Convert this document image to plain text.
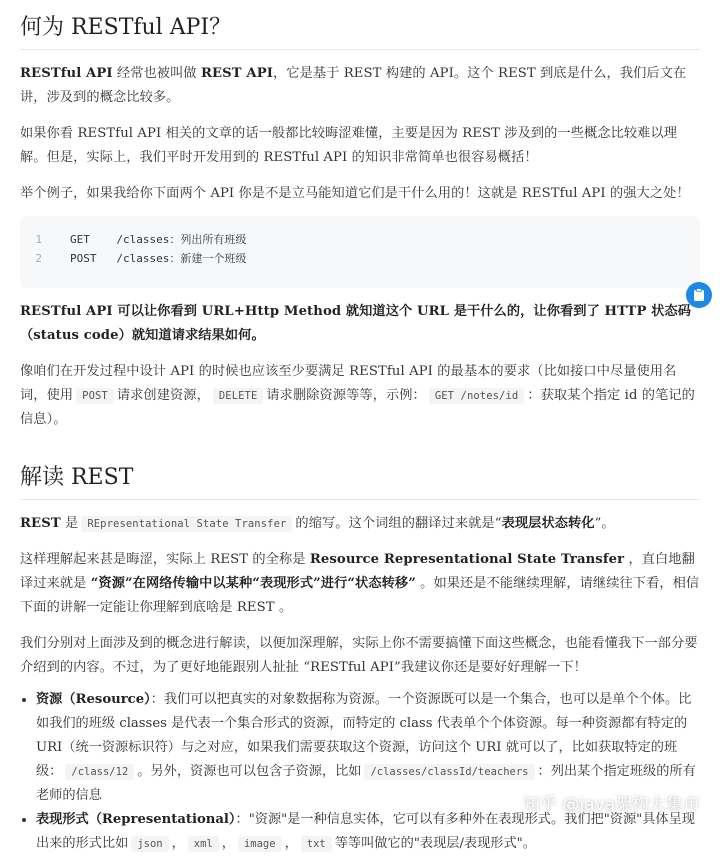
何为 RESTful API？

RESTful API 经常也被叫做 REST API，它是基于 REST 构建的 API。这个 REST 到底是什么，我们后文在讲，涉及到的概念比较多。

如果你看 RESTful API 相关的文章的话一般都比较晦涩难懂，主要是因为 REST 涉及到的一些概念比较难以理解。但是，实际上，我们平时开发用到的 RESTful API 的知识非常简单也很容易概括！

举个例子，如果我给你下面两个 API 你是不是立马能知道它们是干什么用的！这就是 RESTful API 的强大之处！

1	GET    /classes：列出所有班级
2	POST   /classes：新建一个班级

RESTful API 可以让你看到 URL+Http Method 就知道这个 URL 是干什么的，让你看到了 HTTP 状态码（status code）就知道请求结果如何。

像咱们在开发过程中设计 API 的时候也应该至少要满足 RESTful API 的最基本的要求（比如接口中尽量使用名词，使用 POST 请求创建资源， DELETE 请求删除资源等等，示例： GET /notes/id ：获取某个指定 id 的笔记的信息）。

解读 REST

REST 是 REpresentational State Transfer 的缩写。这个词组的翻译过来就是“表现层状态转化”。

这样理解起来甚是晦涩，实际上 REST 的全称是 Resource Representational State Transfer ，直白地翻译过来就是 “资源”在网络传输中以某种“表现形式”进行“状态转移” 。如果还是不能继续理解，请继续往下看，相信下面的讲解一定能让你理解到底啥是 REST 。

我们分别对上面涉及到的概念进行解读，以便加深理解，实际上你不需要搞懂下面这些概念，也能看懂我下一部分要介绍到的内容。不过，为了更好地能跟别人扯扯 “RESTful API”我建议你还是要好好理解一下！

• 资源（Resource）：我们可以把真实的对象数据称为资源。一个资源既可以是一个集合，也可以是单个个体。比如我们的班级 classes 是代表一个集合形式的资源，而特定的 class 代表单个个体资源。每一种资源都有特定的 URI（统一资源标识符）与之对应，如果我们需要获取这个资源，访问这个 URI 就可以了，比如获取特定的班级： /class/12 。另外，资源也可以包含子资源，比如 /classes/classId/teachers ：列出某个指定班级的所有老师的信息
• 表现形式（Representational）："资源"是一种信息实体，它可以有多种外在表现形式。我们把"资源"具体呈现出来的形式比如 json ， xml ， image ， txt 等等叫做它的"表现层/表现形式"。
知乎 @java架构大集市
